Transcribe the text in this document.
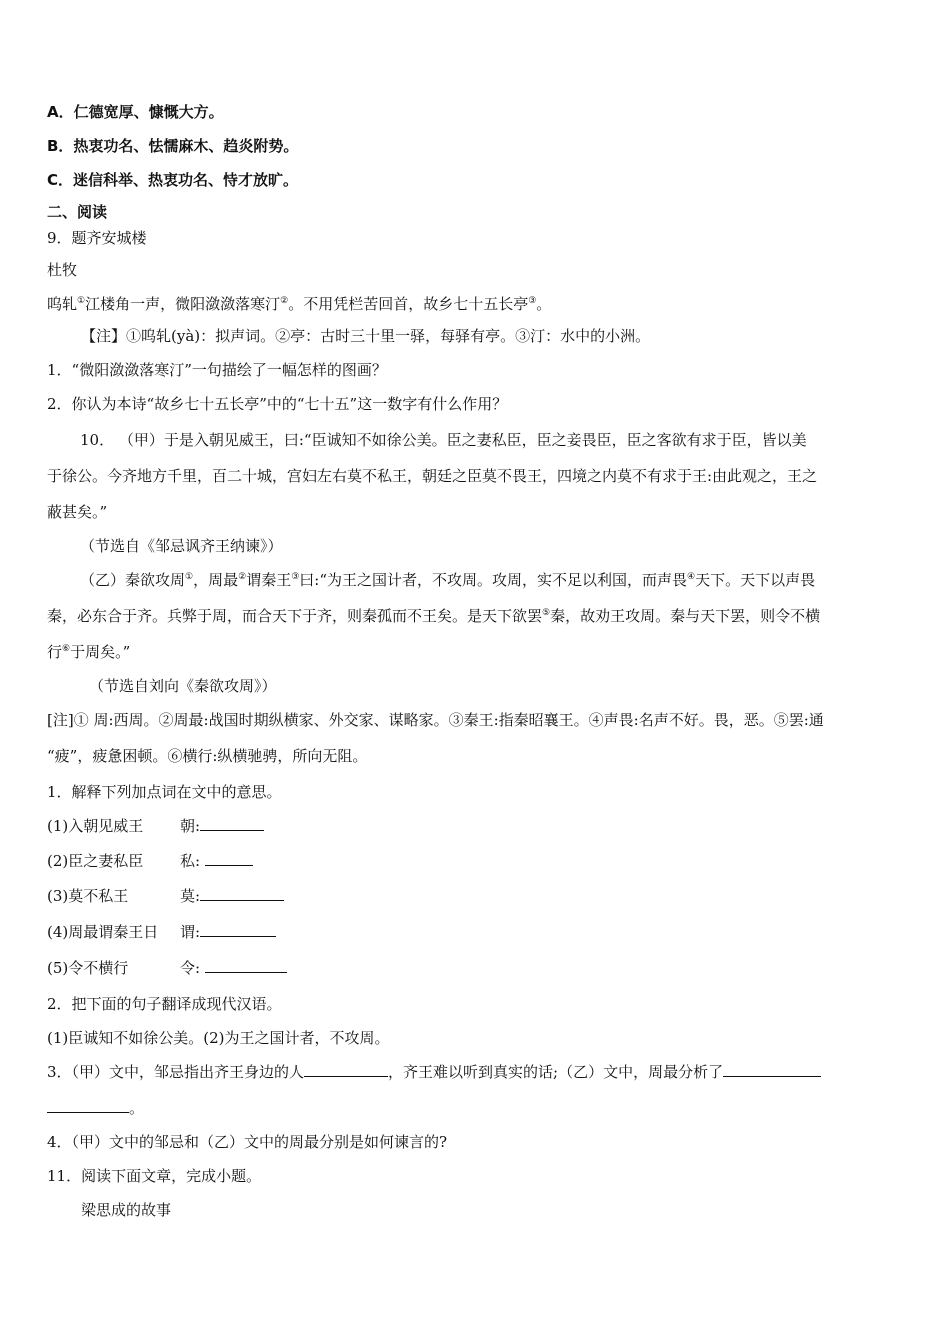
A．仁德宽厚、慷慨大方。
B．热衷功名、怯懦麻木、趋炎附势。
C．迷信科举、热衷功名、恃才放旷。
二、阅读
9．题齐安城楼
杜牧
呜轧①江楼角一声，微阳潋潋落寒汀②。不用凭栏苦回首，故乡七十五长亭③。
【注】①呜轧(yà)：拟声词。②亭：古时三十里一驿，每驿有亭。③汀：水中的小洲。
1．“微阳潋潋落寒汀”一句描绘了一幅怎样的图画？
2．你认为本诗“故乡七十五长亭”中的“七十五”这一数字有什么作用？
10． （甲）于是入朝见威王，曰:“臣诚知不如徐公美。臣之妻私臣，臣之妾畏臣，臣之客欲有求于臣，皆以美
于徐公。今齐地方千里，百二十城，宫妇左右莫不私王，朝廷之臣莫不畏王，四境之内莫不有求于王:由此观之，王之
蔽甚矣。”
（节选自《邹忌讽齐王纳谏》）
（乙）秦欲攻周①，周最②谓秦王③曰:“为王之国计者，不攻周。攻周，实不足以利国，而声畏④天下。天下以声畏
秦，必东合于齐。兵弊于周，而合天下于齐，则秦孤而不王矣。是天下欲罢⑤秦，故劝王攻周。秦与天下罢，则令不横
行⑥于周矣。”
（节选自刘向《秦欲攻周》）
[注]① 周:西周。②周最:战国时期纵横家、外交家、谋略家。③秦王:指秦昭襄王。④声畏:名声不好。畏，恶。⑤罢:通
“疲”，疲惫困顿。⑥横行:纵横驰骋，所向无阻。
1．解释下列加点词在文中的意思。
(1)入朝见威王 朝:
(2)臣之妻私臣 私:
(3)莫不私王	莫:
(4)周最谓秦王日 谓:
(5)令不横行	令:
2．把下面的句子翻译成现代汉语。
(1)臣诚知不如徐公美。(2)为王之国计者，不攻周。
3．（甲）文中，邹忌指出齐王身边的人	，齐王难以听到真实的话;（乙）文中，周最分析了
。
4．（甲）文中的邹忌和（乙）文中的周最分别是如何谏言的?
11．阅读下面文章，完成小题。
梁思成的故事
